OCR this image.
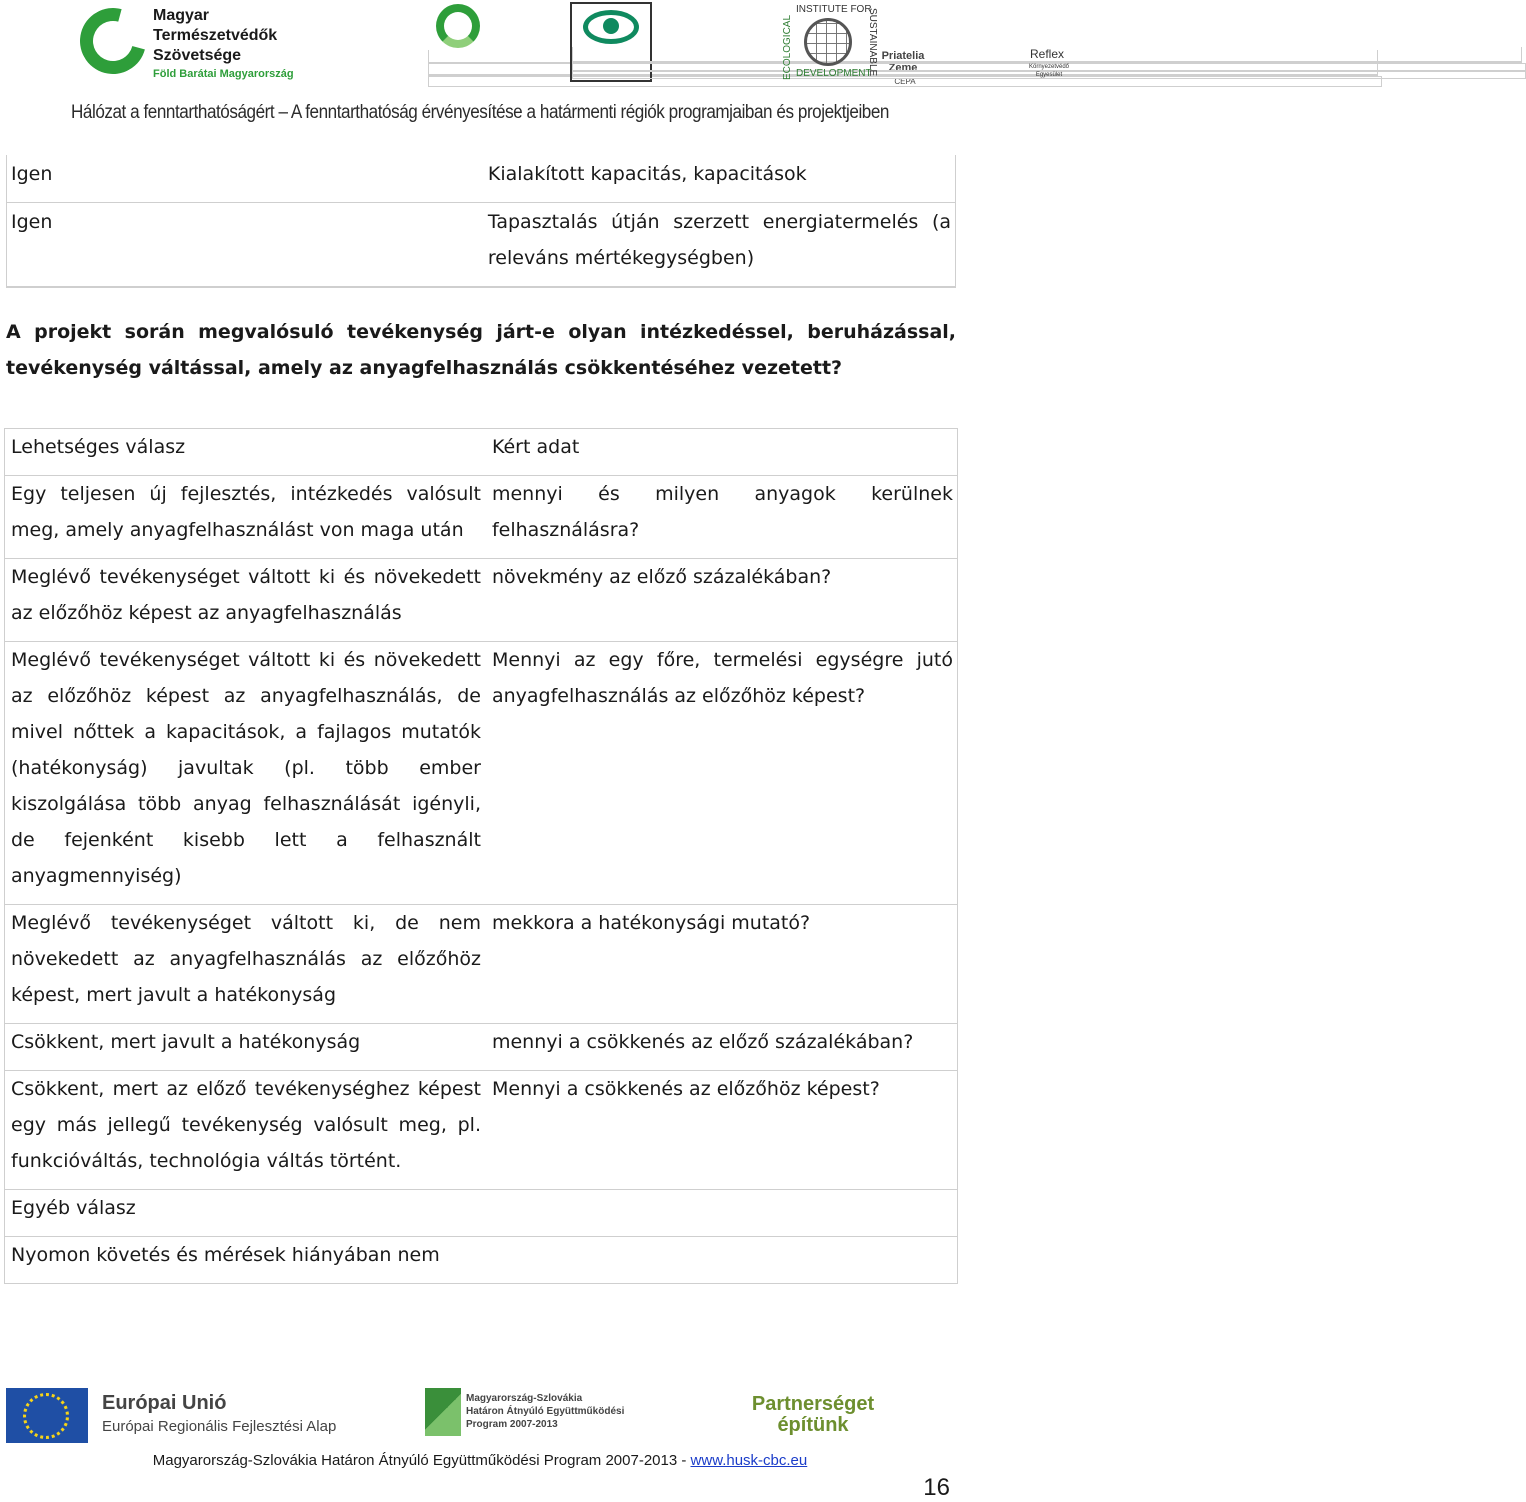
Magyar
Természetvédők
Szövetsége
Föld Barátai Magyarország
Priatelia
Zeme
CEPA
Reflex
Környezetvédő
Egyesület
ECOLOGICAL
INSTITUTE FOR
DEVELOPMENT
SUSTAINABLE
Hálózat a fenntarthatóságért – A fenntarthatóság érvényesítése a határmenti régiók programjaiban és projektjeiben
Igen	Kialakított kapacitás, kapacitások
Igen	Tapasztalás útján szerzett energiatermelés (a releváns mértékegységben)
A projekt során megvalósuló tevékenység járt-e olyan intézkedéssel, beruházással, tevékenység váltással, amely az anyagfelhasználás csökkentéséhez vezetett?
Lehetséges válasz	Kért adat
Egy teljesen új fejlesztés, intézkedés valósult meg, amely anyagfelhasználást von maga után	mennyi és milyen anyagok kerülnek felhasználásra?
Meglévő tevékenységet váltott ki és növekedett az előzőhöz képest az anyagfelhasználás	növekmény az előző százalékában?
Meglévő tevékenységet váltott ki és növekedett az előzőhöz képest az anyagfelhasználás, de mivel nőttek a kapacitások, a fajlagos mutatók (hatékonyság) javultak (pl. több ember kiszolgálása több anyag felhasználását igényli, de fejenként kisebb lett a felhasznált anyagmennyiség)	Mennyi az egy főre, termelési egységre jutó anyagfelhasználás az előzőhöz képest?
Meglévő tevékenységet váltott ki, de nem növekedett az anyagfelhasználás az előzőhöz képest, mert javult a hatékonyság	mekkora a hatékonysági mutató?
Csökkent, mert javult a hatékonyság	mennyi a csökkenés az előző százalékában?
Csökkent, mert az előző tevékenységhez képest egy más jellegű tevékenység valósult meg, pl. funkcióváltás, technológia váltás történt.	Mennyi a csökkenés az előzőhöz képest?
Egyéb válasz	
Nyomon követés és mérések hiányában nem	
Európai Unió
Európai Regionális Fejlesztési Alap
Magyarország-Szlovákia
Határon Átnyúló Együttműködési
Program 2007-2013
Partnerséget
építünk
Magyarország-Szlovákia Határon Átnyúló Együttműködési Program 2007-2013 - www.husk-cbc.eu
16
